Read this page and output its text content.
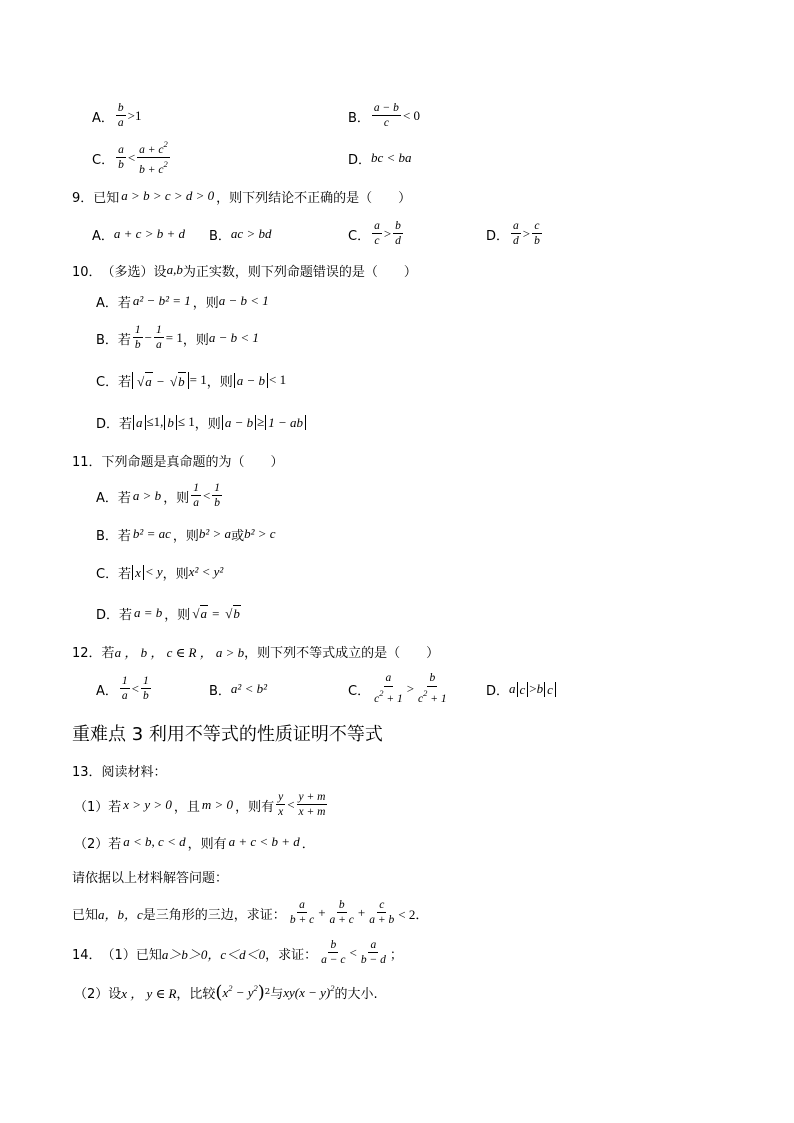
A． $\frac{b}{a} >1$	B． $\frac{a - b}{c} < 0$
C． $\frac{a}{b} < \frac{a + c^2}{b + c^2}$	D． bc < ba
9． 已知 a > b > c > d > 0 ，则下列结论不正确的是（　　）
A． a + c > b + d B． ac > bd	C． $\frac{a}{c} > \frac{b}{d}$	D． $\frac{a}{d} > \frac{c}{b}$
10． （多选）设 a,b 为正实数，则下列命题错误的是（　　）
A．若 a² − b² = 1 ，则 a − b < 1
B．若 $\frac{1}{b} - \frac{1}{a} = 1$ ，则 a − b < 1
C．若	√ a − √ b = 1 ，则 a − b < 1
D．若 a ≤1, b ≤ 1 ，则 a − b ≥ 1 − ab
11． 下列命题是真命题的为（　　）
A．若 a > b ，则 $\frac{1}{a} < \frac{1}{b}$
B．若 b² = ac ，则 b² > a 或 b² > c
C．若 x < y ，则 x² < y²
D．若 a = b ，则 √ a = √ b
12． 若 a ， b ， c ∈ R ， a > b ，则下列不等式成立的是（　　）
A． $\frac{1}{a} < \frac{1}{b}$	B． a² < b²	C． $\frac{a}{c^2 + 1} > \frac{b}{c^2 + 1}$	D． a c > b c
重难点 3 利用不等式的性质证明不等式
13． 阅读材料：
（1）若 x > y > 0 ，且 m > 0 ，则有 $\frac{y}{x} < \frac{y + m}{x + m}$
（2）若 a < b, c < d ，则有 a + c < b + d ．
请依据以上材料解答问题：
已知 a，b，c 是三角形的三边，求证： $\frac{a}{b + c} + \frac{b}{a + c} + \frac{c}{a + b} < 2$．
14． （1）已知 a＞b＞0，c＜d＜0 ，求证： $\frac{b}{a - c} < \frac{a}{b - d}$ ；
（2）设 x ， y ∈ R ，比较 ( $x^2 - y^2$ ) 2 与 $xy(x - y)^2$ 的大小.
